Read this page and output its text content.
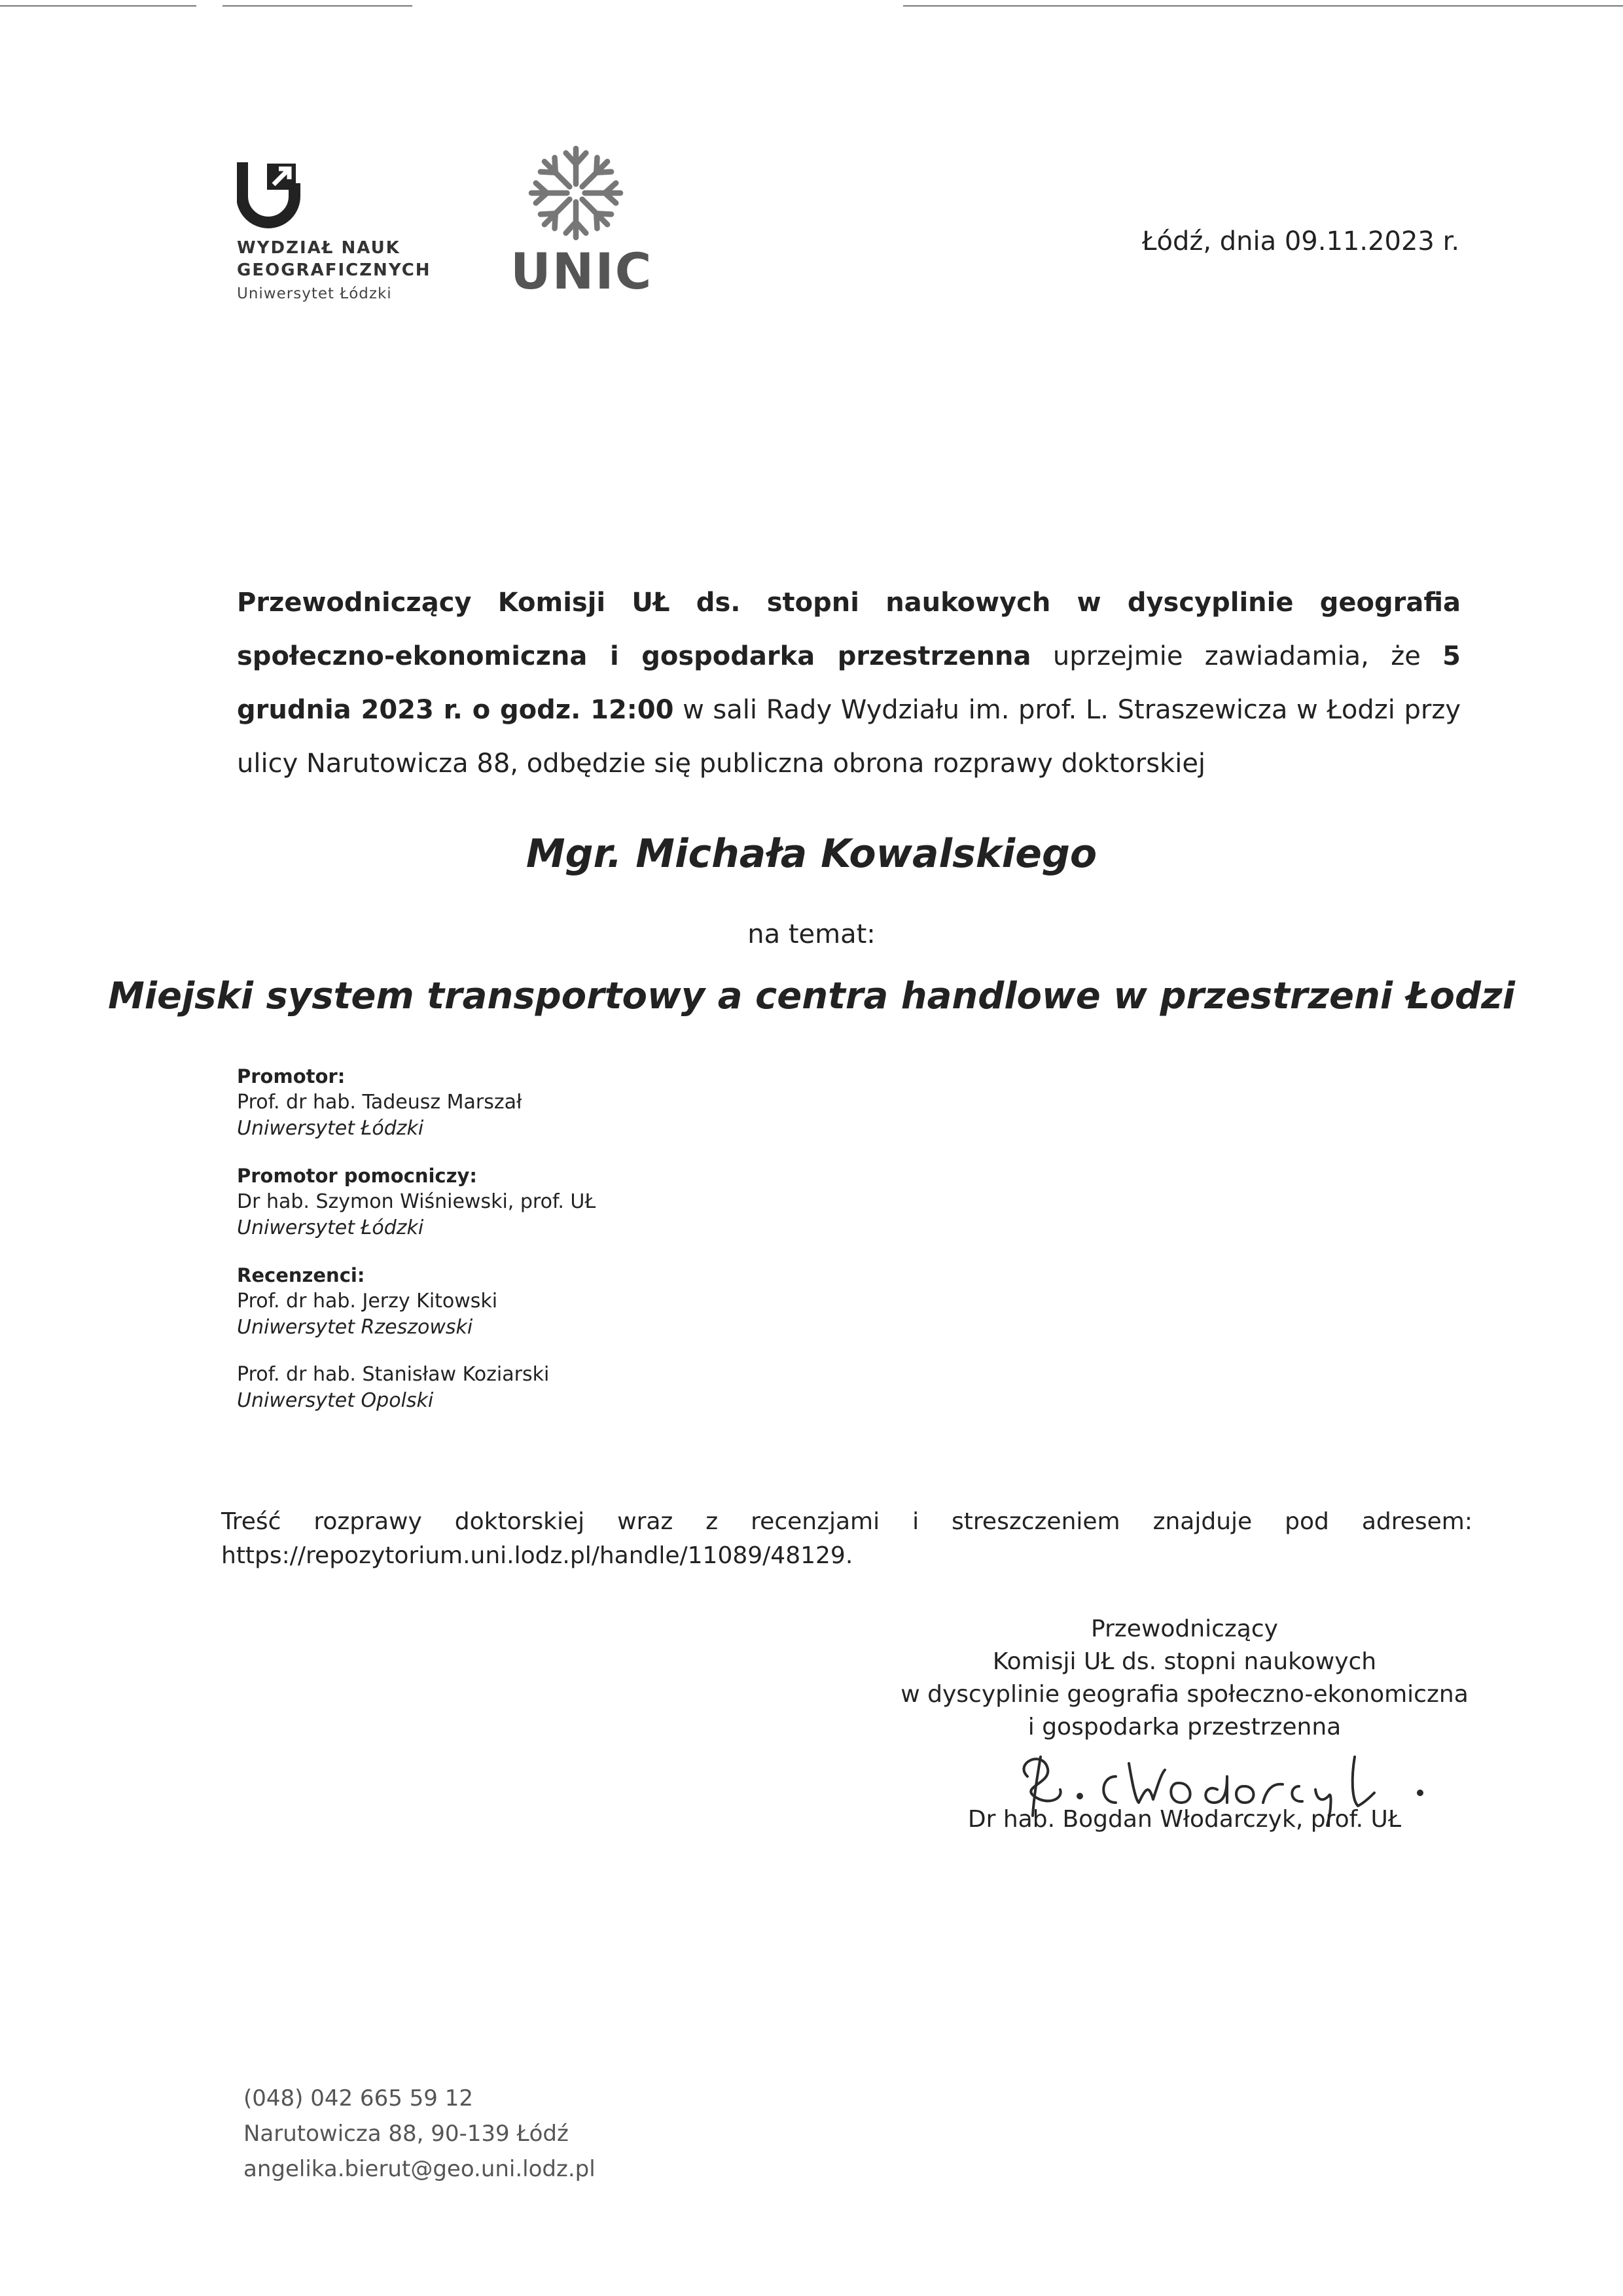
WYDZIAŁ NAUK
GEOGRAFICZNYCH
Uniwersytet Łódzki	UNIC
Łódź, dnia 09.11.2023 r.
Przewodniczący Komisji UŁ ds. stopni naukowych w dyscyplinie geografia społeczno-ekonomiczna i gospodarka przestrzenna uprzejmie zawiadamia, że 5 grudnia 2023 r. o godz. 12:00 w sali Rady Wydziału im. prof. L. Straszewicza w Łodzi przy ulicy Narutowicza 88, odbędzie się publiczna obrona rozprawy doktorskiej
Mgr. Michała Kowalskiego
na temat:
Miejski system transportowy a centra handlowe w przestrzeni Łodzi
Promotor:
Prof. dr hab. Tadeusz Marszał
Uniwersytet Łódzki
Promotor pomocniczy:
Dr hab. Szymon Wiśniewski, prof. UŁ
Uniwersytet Łódzki
Recenzenci:
Prof. dr hab. Jerzy Kitowski
Uniwersytet Rzeszowski
Prof. dr hab. Stanisław Koziarski
Uniwersytet Opolski
Treść rozprawy doktorskiej wraz z recenzjami i streszczeniem znajduje pod adresem:
https://repozytorium.uni.lodz.pl/handle/11089/48129.
Przewodniczący
Komisji UŁ ds. stopni naukowych
w dyscyplinie geografia społeczno-ekonomiczna
i gospodarka przestrzenna
Dr hab. Bogdan Włodarczyk, prof. UŁ
(048) 042 665 59 12
Narutowicza 88, 90-139 Łódź
angelika.bierut@geo.uni.lodz.pl
